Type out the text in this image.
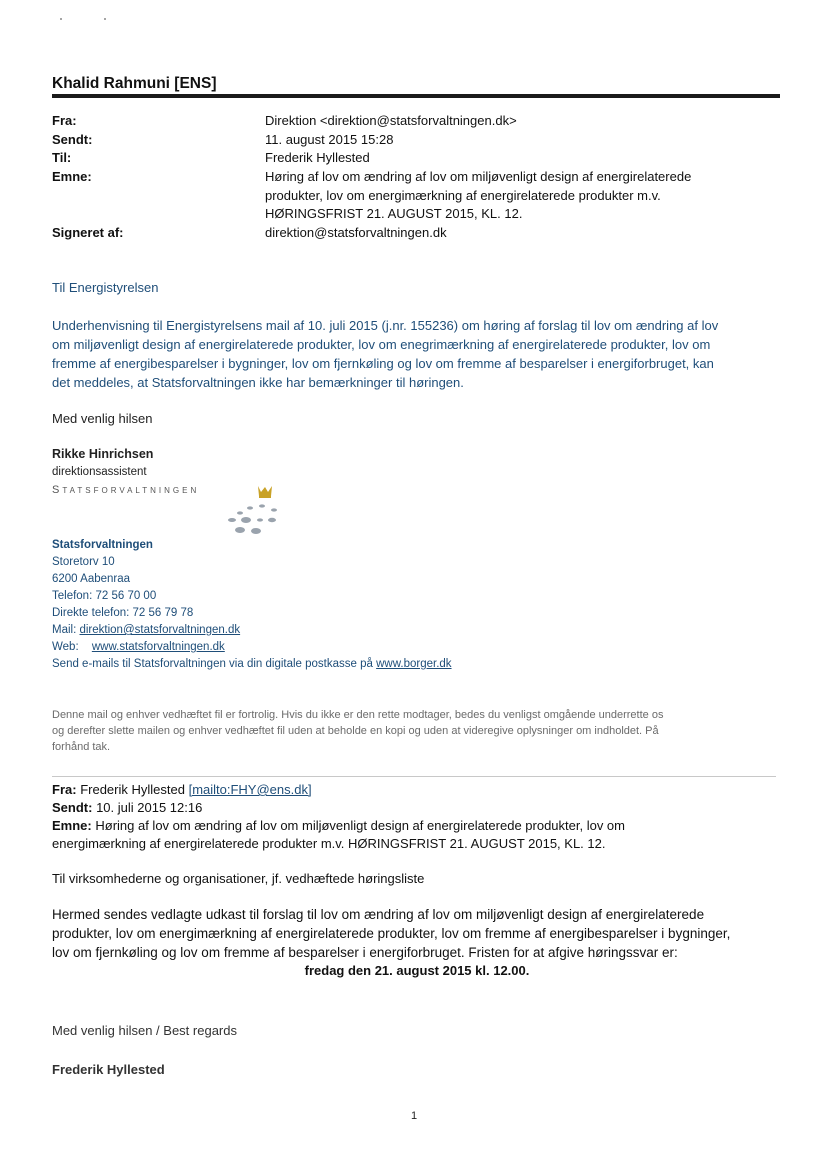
Khalid Rahmuni [ENS]
Fra:	Direktion <direktion@statsforvaltningen.dk>
Sendt:	11. august 2015 15:28
Til:	Frederik Hyllested
Emne:	Høring af lov om ændring af lov om miljøvenligt design af energirelaterede
produkter, lov om energimærkning af energirelaterede produkter m.v.
HØRINGSFRIST 21. AUGUST 2015, KL. 12.
Signeret af:	direktion@statsforvaltningen.dk
Til Energistyrelsen
Underhenvisning til Energistyrelsens mail af 10. juli 2015 (j.nr. 155236) om høring af forslag til lov om ændring af lov
om miljøvenligt design af energirelaterede produkter, lov om enegrimærkning af energirelaterede produkter, lov om
fremme af energibesparelser i bygninger, lov om fjernkøling og lov om fremme af besparelser i energiforbruget, kan
det meddeles, at Statsforvaltningen ikke har bemærkninger til høringen.
Med venlig hilsen
Rikke Hinrichsen
direktionsassistent
Statsforvaltningen
Statsforvaltningen
Storetorv 10
6200 Aabenraa
Telefon: 72 56 70 00
Direkte telefon: 72 56 79 78
Mail: direktion@statsforvaltningen.dk
Web: www.statsforvaltningen.dk
Send e-mails til Statsforvaltningen via din digitale postkasse på www.borger.dk
Denne mail og enhver vedhæftet fil er fortrolig. Hvis du ikke er den rette modtager, bedes du venligst omgående underrette os
og derefter slette mailen og enhver vedhæftet fil uden at beholde en kopi og uden at videregive oplysninger om indholdet. På
forhånd tak.
Fra: Frederik Hyllested [mailto:FHY@ens.dk]
Sendt: 10. juli 2015 12:16
Emne: Høring af lov om ændring af lov om miljøvenligt design af energirelaterede produkter, lov om
energimærkning af energirelaterede produkter m.v. HØRINGSFRIST 21. AUGUST 2015, KL. 12.
Til virksomhederne og organisationer, jf. vedhæftede høringsliste
Hermed sendes vedlagte udkast til forslag til lov om ændring af lov om miljøvenligt design af energirelaterede
produkter, lov om energimærkning af energirelaterede produkter, lov om fremme af energibesparelser i bygninger,
lov om fjernkøling og lov om fremme af besparelser i energiforbruget. Fristen for at afgive høringssvar er:
fredag den 21. august 2015 kl. 12.00.
Med venlig hilsen / Best regards
Frederik Hyllested
1
